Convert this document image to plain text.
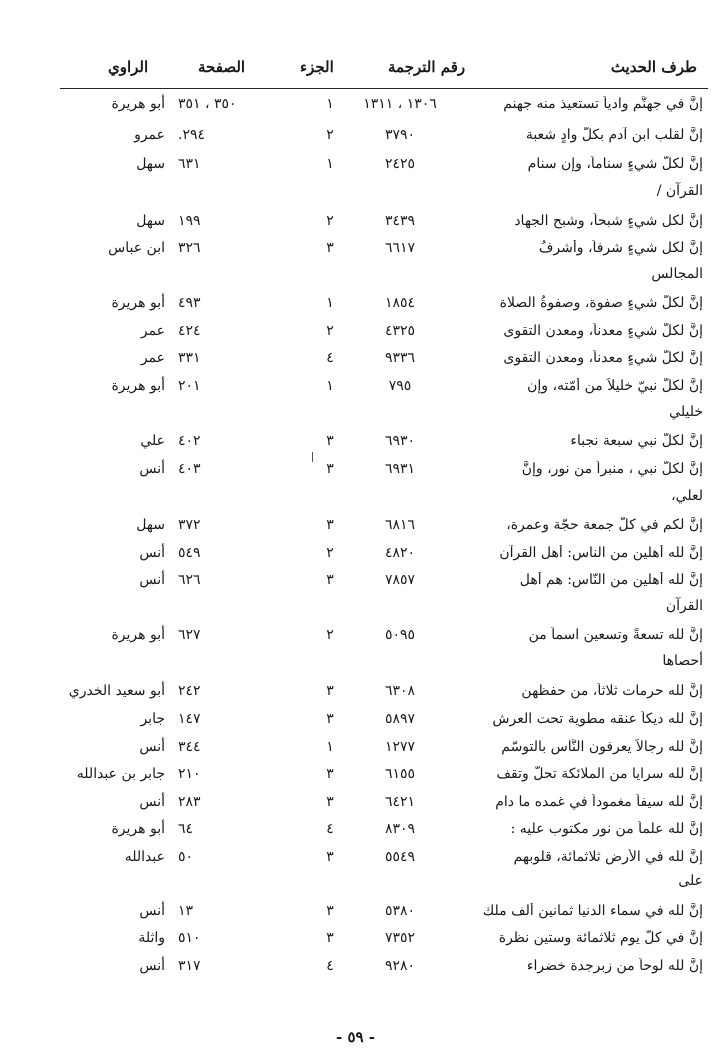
طرف الحديث
رقم الترجمة
الجزء
الصفحة
الراوي
إنَّ في جهنَّم وادياً تستعيذ منه جهنم
١٣٠٦ ، ١٣١١
١
٣٥٠ ، ٣٥١
أبو هريرة
إنَّ لقلب ابن آدم بكلّ وادٍ شعبة
٣٧٩٠
٢
٢٩٤.
عمرو
إنَّ لكلّ شيءٍ سناماً، وإن سنام
٢٤٢٥
١
٦٣١
سهل
القرآن /
إنَّ لكل شيءٍ شبحاً، وشبح الجهاد
٣٤٣٩
٢
١٩٩
سهل
إنَّ لكل شيءٍ شرفاً، وأشرفُ
٦٦١٧
٣
٣٢٦
ابن عباس
المجالس
إنَّ لكلّ شيءٍ صفوة، وصفوةُ الصلاة
١٨٥٤
١
٤٩٣
أبو هريرة
إنَّ لكلّ شيءٍ معدناً، ومعدن التقوى
٤٣٢٥
٢
٤٢٤
عمر
إنَّ لكلّ شيءٍ معدناً، ومعدن التقوى
٩٣٣٦
٤
٣٣١
عمر
إنَّ لكلّ نبيّ خليلاً من أمّته، وإن
٧٩٥
١
٢٠١
أبو هريرة
خليلي
إنَّ لكلّ نبي سبعة نجباء
٦٩٣٠
٣
٤٠٢
علي
إنَّ لكلّ نبي ، منبراً من نور، وإنَّ
٦٩٣١
٣
٤٠٣
أنس
لعلي،
إنَّ لكم في كلّ جمعة حجّة وعمرة،
٦٨١٦
٣
٣٧٢
سهل
إنَّ لله أهلين من الناس: أهل القرآن
٤٨٢٠
٢
٥٤٩
أنس
إنَّ لله أهلين من النّاس: هم أهل
٧٨٥٧
٣
٦٢٦
أنس
القرآن
إنَّ لله تسعةً وتسعين اسماً من
٥٠٩٥
٢
٦٢٧
أبو هريرة
أحصاها
إنَّ لله حرمات ثلاثاً، من حفظهن
٦٣٠٨
٣
٢٤٢
أبو سعيد الخدري
إنَّ لله ديكاً عنقه مطوية تحت العرش
٥٨٩٧
٣
١٤٧
جابر
إنَّ لله رجالاً يعرفون النَّاس بالتوسّم
١٢٧٧
١
٣٤٤
أنس
إنَّ لله سرايا من الملائكة تحلّ وتقف
٦١٥٥
٣
٢١٠
جابر بن عبدالله
إنَّ لله سيفاً مغموداً في غمده ما دام
٦٤٢١
٣
٢٨٣
أنس
إنَّ لله علماً من نور مكتوب عليه :
٨٣٠٩
٤
٦٤
أبو هريرة
إنَّ لله في الأرض ثلاثمائة، قلوبهم
٥٥٤٩
٣
٥٠
عبدالله
على
إنَّ لله في سماء الدنيا ثمانين ألف ملك
٥٣٨٠
٣
١٣
أنس
إنَّ في كلّ يوم ثلاثمائة وستين نظرة
٧٣٥٢
٣
٥١٠
واثلة
إنَّ لله لوحاً من زبرجدة خضراء
٩٢٨٠
٤
٣١٧
أنس
- ٥٩ -
